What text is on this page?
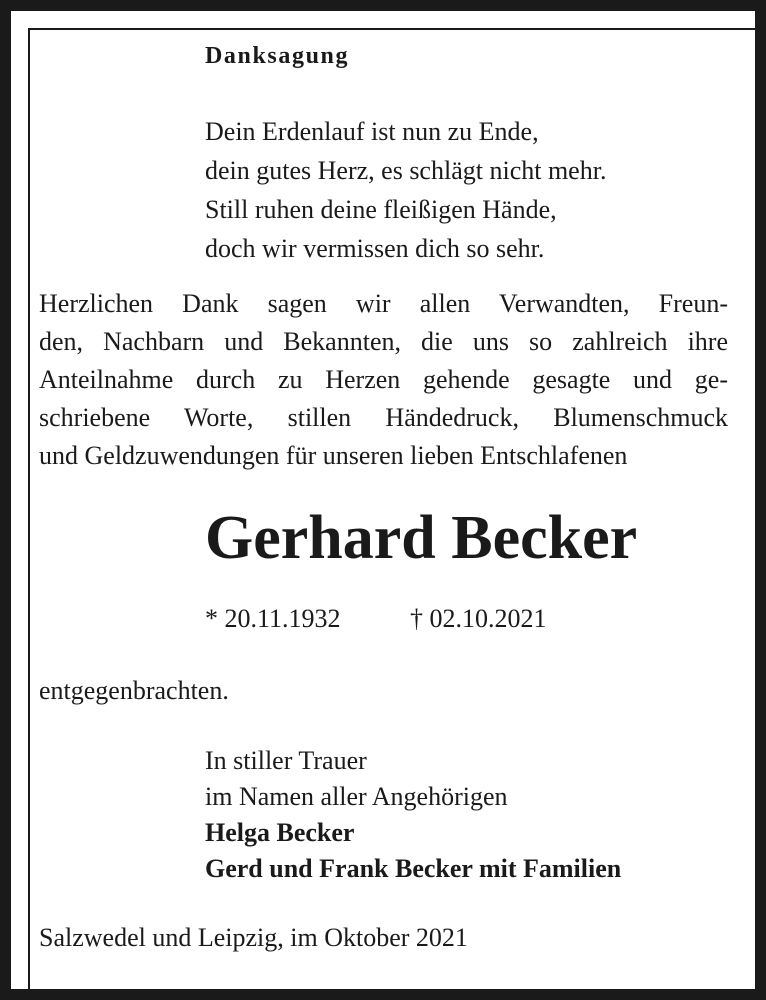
Danksagung
Dein Erdenlauf ist nun zu Ende,
dein gutes Herz, es schlägt nicht mehr.
Still ruhen deine fleißigen Hände,
doch wir vermissen dich so sehr.
Herzlichen Dank sagen wir allen Verwandten, Freun-
den, Nachbarn und Bekannten, die uns so zahlreich ihre
Anteilnahme durch zu Herzen gehende gesagte und ge-
schriebene Worte, stillen Händedruck, Blumenschmuck
und Geldzuwendungen für unseren lieben Entschlafenen
Gerhard Becker
* 20.11.1932	† 02.10.2021
entgegenbrachten.
In stiller Trauer
im Namen aller Angehörigen
Helga Becker
Gerd und Frank Becker mit Familien
Salzwedel und Leipzig, im Oktober 2021
